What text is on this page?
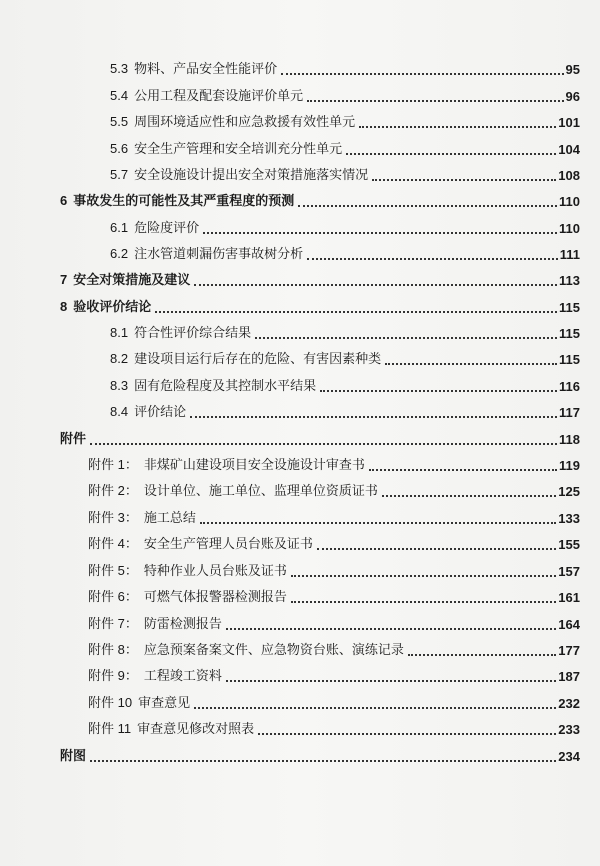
5.3 物料、产品安全性能评价	95
5.4 公用工程及配套设施评价单元	96
5.5 周围环境适应性和应急救援有效性单元	101
5.6 安全生产管理和安全培训充分性单元	104
5.7 安全设施设计提出安全对策措施落实情况	108
6 事故发生的可能性及其严重程度的预测	110
6.1 危险度评价	110
6.2 注水管道刺漏伤害事故树分析	111
7 安全对策措施及建议	113
8 验收评价结论	115
8.1 符合性评价综合结果	115
8.2 建设项目运行后存在的危险、有害因素种类	115
8.3 固有危险程度及其控制水平结果	116
8.4 评价结论	117
附件	118
附件 1： 非煤矿山建设项目安全设施设计审查书	119
附件 2： 设计单位、施工单位、监理单位资质证书	125
附件 3： 施工总结	133
附件 4： 安全生产管理人员台账及证书	155
附件 5： 特种作业人员台账及证书	157
附件 6： 可燃气体报警器检测报告	161
附件 7： 防雷检测报告	164
附件 8： 应急预案备案文件、应急物资台账、演练记录	177
附件 9： 工程竣工资料	187
附件 10 审查意见	232
附件 11 审查意见修改对照表	233
附图	234
